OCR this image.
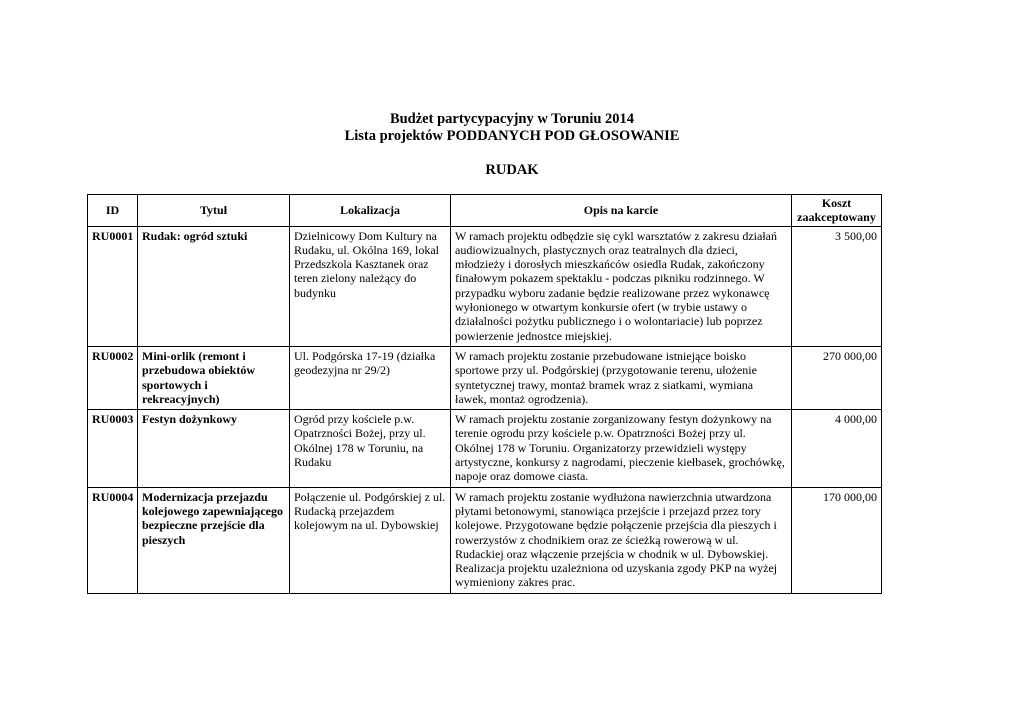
Budżet partycypacyjny w Toruniu 2014
Lista projektów PODDANYCH POD GŁOSOWANIE
RUDAK
ID	Tytuł	Lokalizacja	Opis na karcie	Koszt zaakceptowany
RU0001	Rudak: ogród sztuki	Dzielnicowy Dom Kultury na Rudaku, ul. Okólna 169, lokal Przedszkola Kasztanek oraz teren zielony należący do budynku	W ramach projektu odbędzie się cykl warsztatów z zakresu działań audiowizualnych, plastycznych oraz teatralnych dla dzieci, młodzieży i dorosłych mieszkańców osiedla Rudak, zakończony finałowym pokazem spektaklu - podczas pikniku rodzinnego. W przypadku wyboru zadanie będzie realizowane przez wykonawcę wyłonionego w otwartym konkursie ofert (w trybie ustawy o działalności pożytku publicznego i o wolontariacie) lub poprzez powierzenie jednostce miejskiej.	3 500,00
RU0002	Mini-orlik (remont i przebudowa obiektów sportowych i rekreacyjnych)	Ul. Podgórska 17-19 (działka geodezyjna nr 29/2)	W ramach projektu zostanie przebudowane istniejące boisko sportowe przy ul. Podgórskiej (przygotowanie terenu, ułożenie syntetycznej trawy, montaż bramek wraz z siatkami, wymiana ławek, montaż ogrodzenia).	270 000,00
RU0003	Festyn dożynkowy	Ogród przy kościele p.w. Opatrzności Bożej, przy ul. Okólnej 178 w Toruniu, na Rudaku	W ramach projektu zostanie zorganizowany festyn dożynkowy na terenie ogrodu przy kościele p.w. Opatrzności Bożej przy ul. Okólnej 178 w Toruniu. Organizatorzy przewidzieli występy artystyczne, konkursy z nagrodami, pieczenie kiełbasek, grochówkę, napoje oraz domowe ciasta.	4 000,00
RU0004	Modernizacja przejazdu kolejowego zapewniającego bezpieczne przejście dla pieszych	Połączenie ul. Podgórskiej z ul. Rudacką przejazdem kolejowym na ul. Dybowskiej	W ramach projektu zostanie wydłużona nawierzchnia utwardzona płytami betonowymi, stanowiąca przejście i przejazd przez tory kolejowe. Przygotowane będzie połączenie przejścia dla pieszych i rowerzystów z chodnikiem oraz ze ścieżką rowerową w ul. Rudackiej oraz włączenie przejścia w chodnik w ul. Dybowskiej. Realizacja projektu uzależniona od uzyskania zgody PKP na wyżej wymieniony zakres prac.	170 000,00
